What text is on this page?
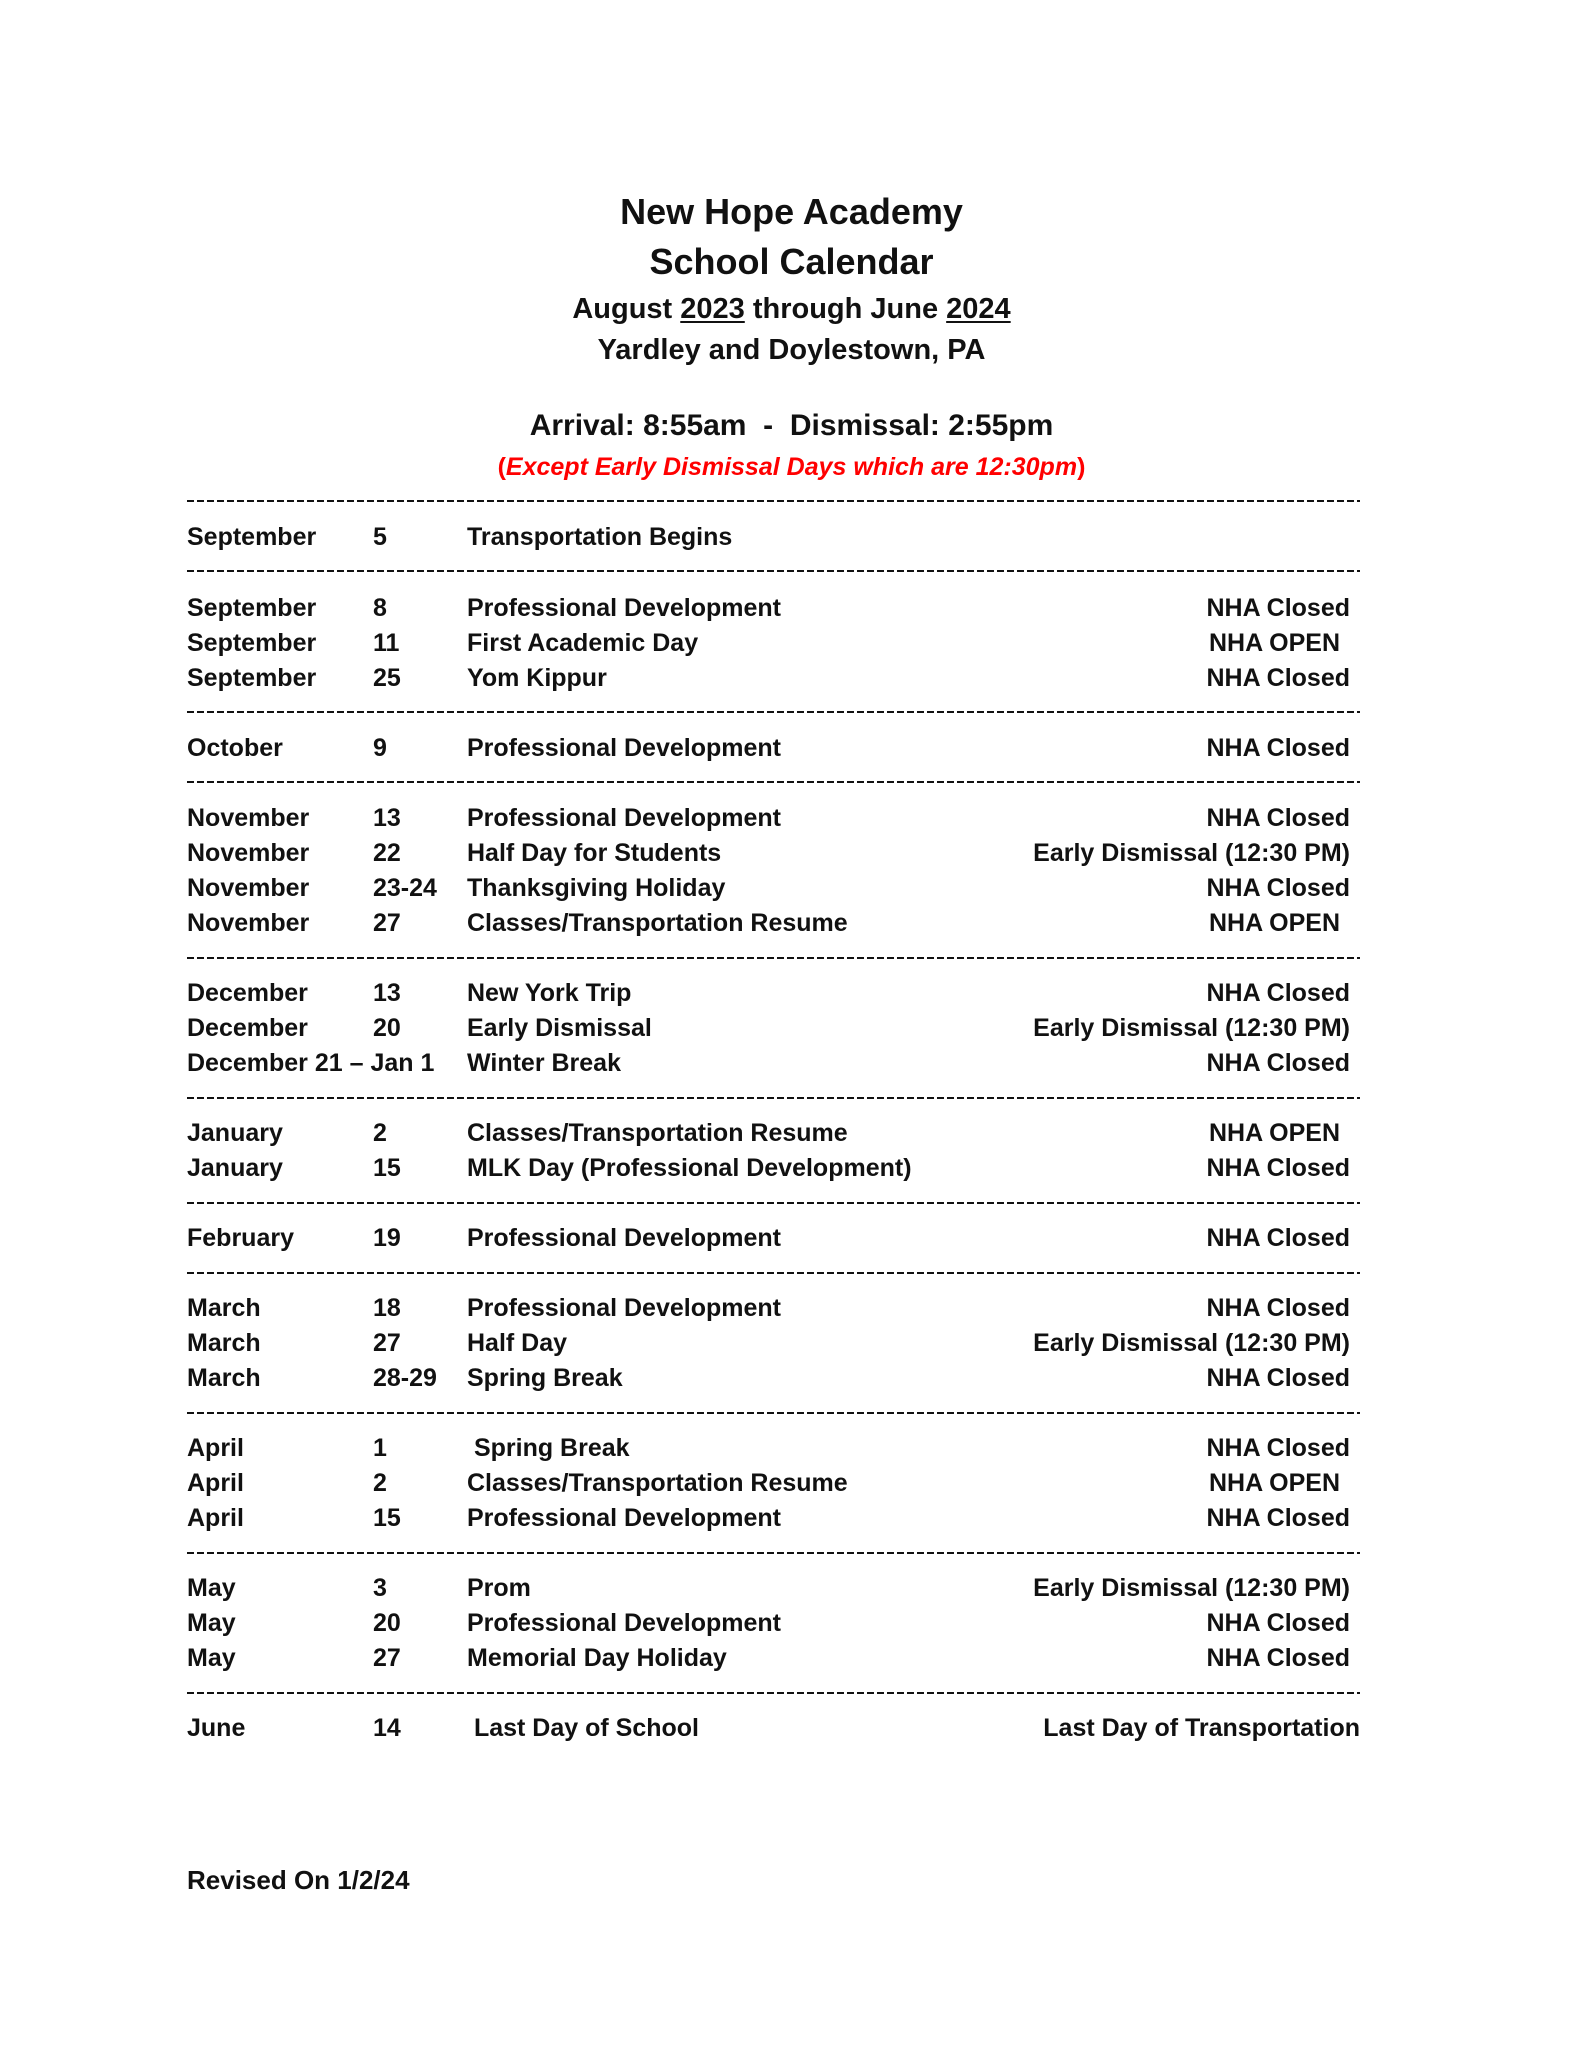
New Hope Academy
School Calendar
August 2023 through June 2024
Yardley and Doylestown, PA
Arrival: 8:55am  -  Dismissal: 2:55pm
(Except Early Dismissal Days which are 12:30pm)
September 5	Transportation Begins
September 8	Professional Development	NHA Closed
September 11	First Academic Day	NHA OPEN
September 25	Yom Kippur	NHA Closed
October	9	Professional Development	NHA Closed
November	13	Professional Development	NHA Closed
November	22	Half Day for Students	Early Dismissal (12:30 PM)
November	23-24 Thanksgiving Holiday	NHA Closed
November	27	Classes/Transportation Resume	NHA OPEN
December	13	New York Trip	NHA Closed
December	20	Early Dismissal	Early Dismissal (12:30 PM)
December 21 – Jan 1 Winter Break	NHA Closed
January	2	Classes/Transportation Resume	NHA OPEN
January	15	MLK Day (Professional Development)	NHA Closed
February	19	Professional Development	NHA Closed
March	18	Professional Development	NHA Closed
March	27	Half Day	Early Dismissal (12:30 PM)
March	28-29 Spring Break	NHA Closed
April	1	Spring Break	NHA Closed
April	2	Classes/Transportation Resume	NHA OPEN
April	15	Professional Development	NHA Closed
May	3	Prom	Early Dismissal (12:30 PM)
May	20	Professional Development	NHA Closed
May	27	Memorial Day Holiday	NHA Closed
June	14	Last Day of School	Last Day of Transportation
Revised On 1/2/24
